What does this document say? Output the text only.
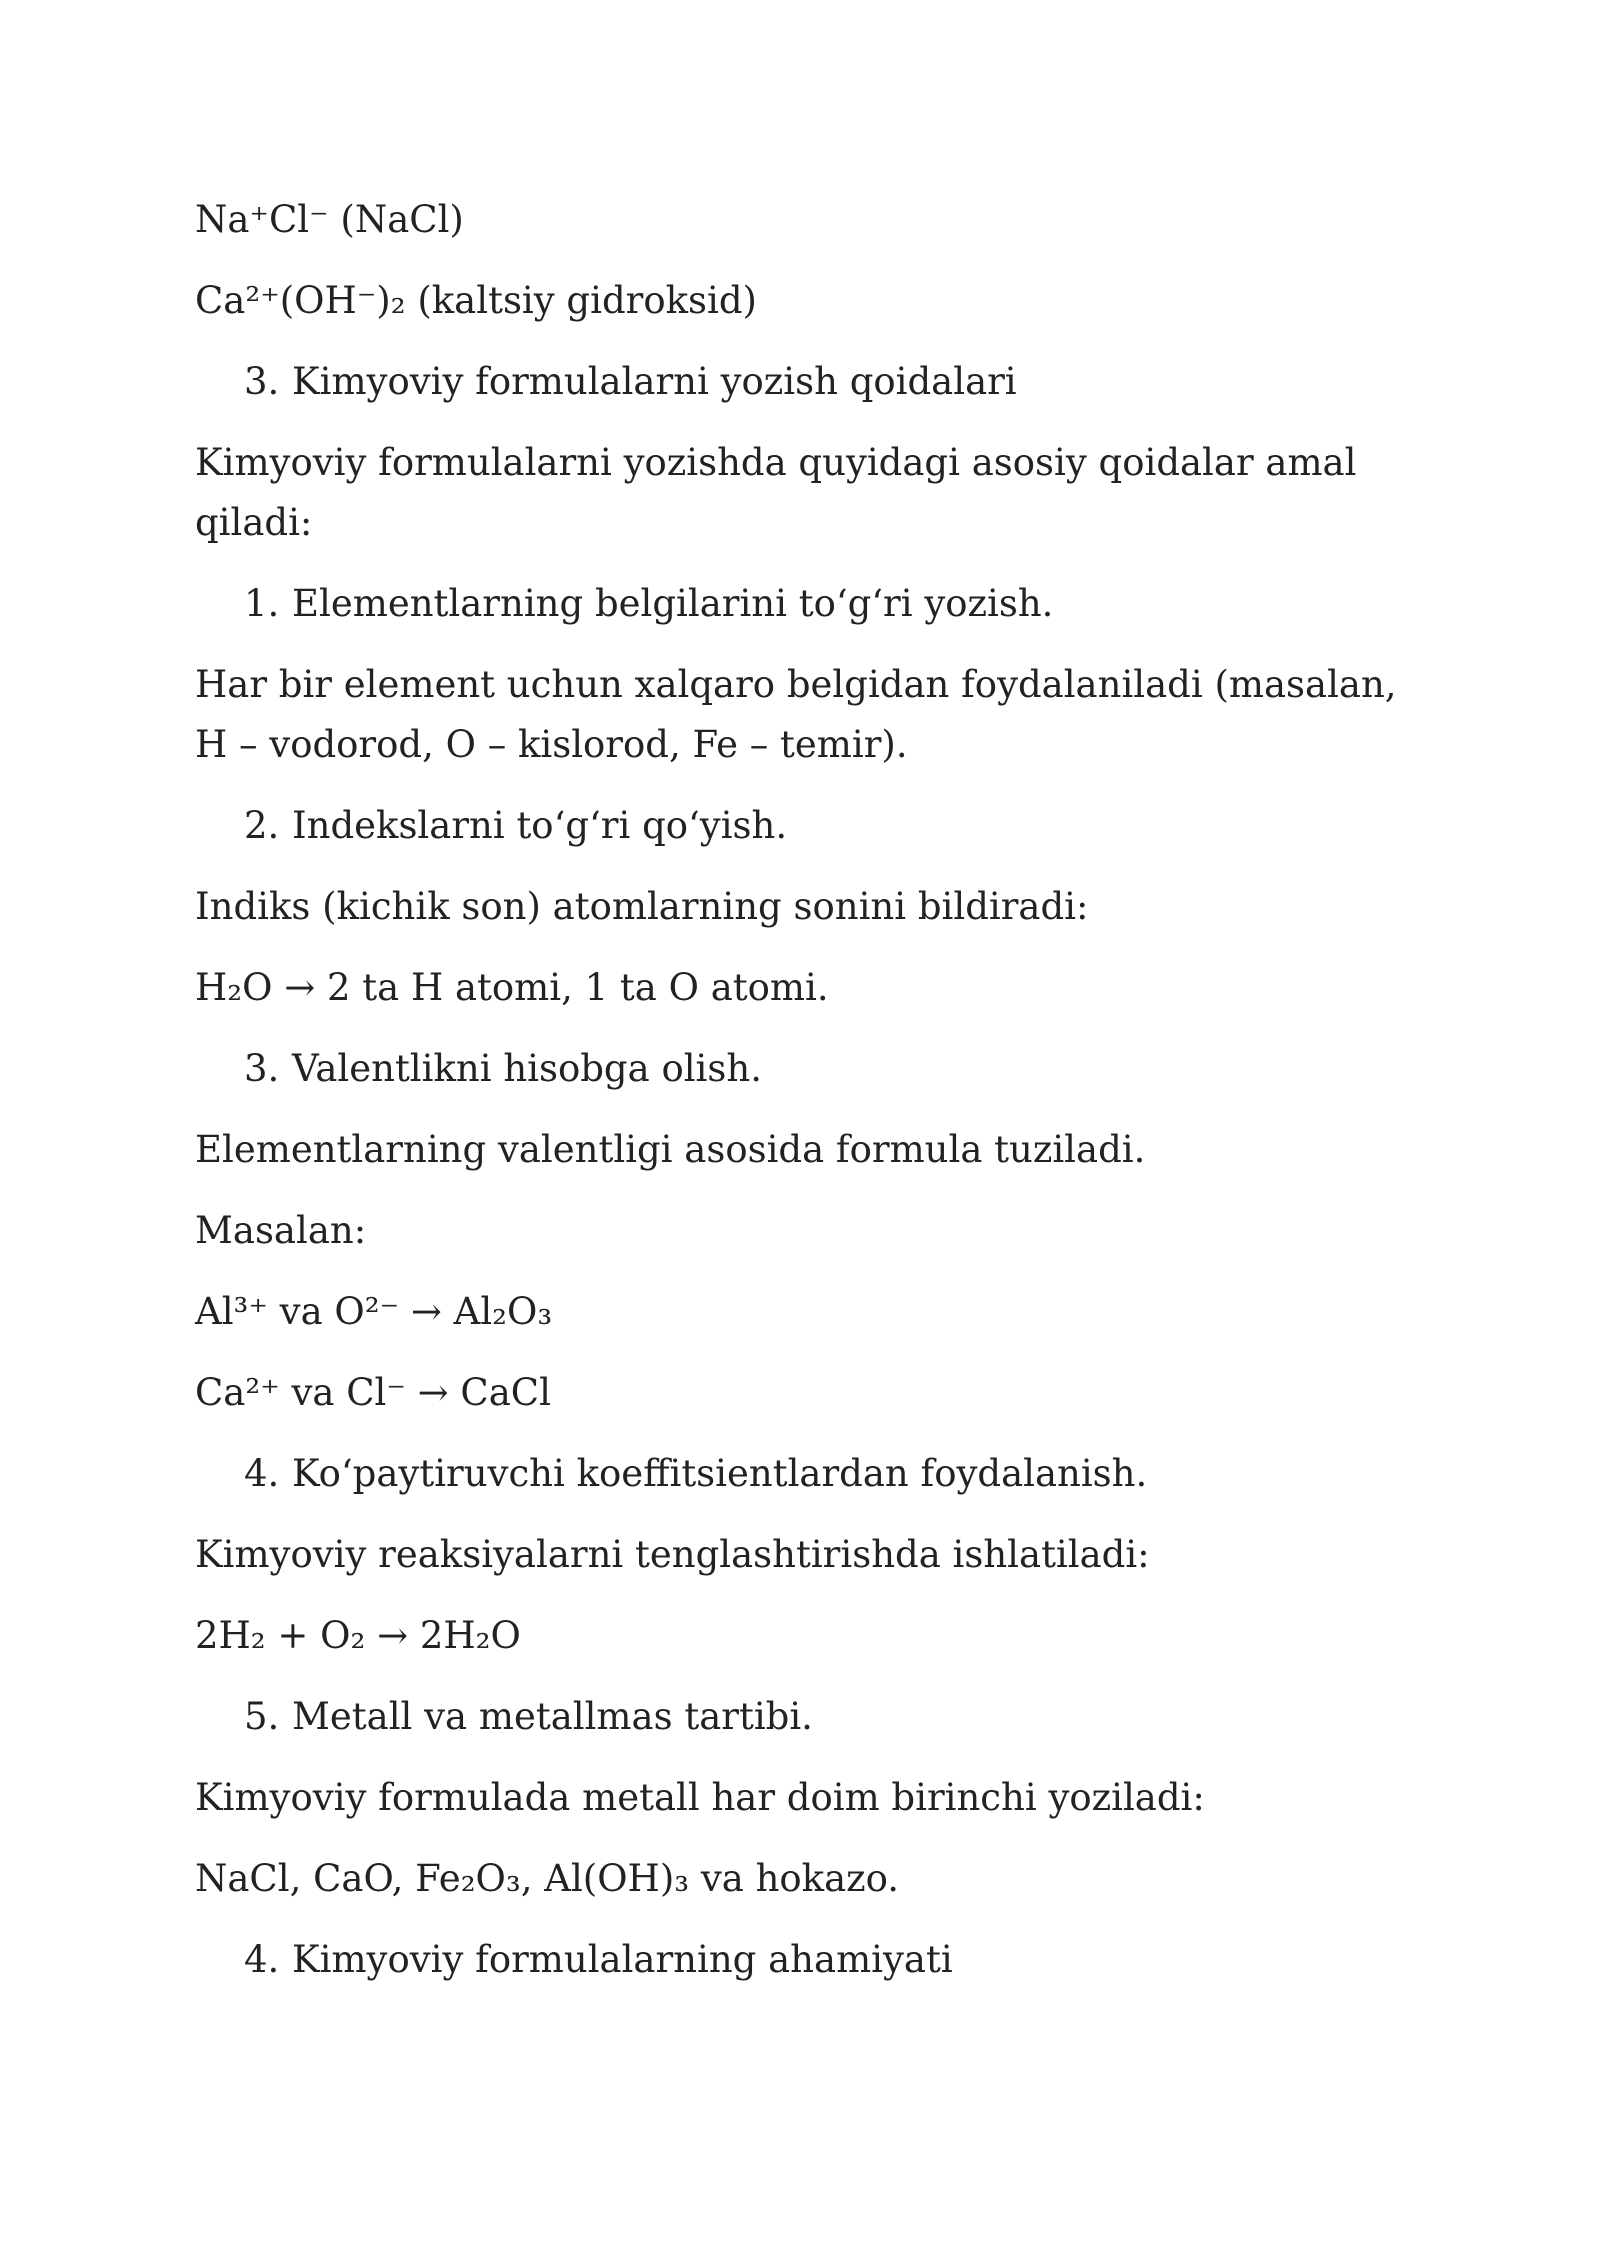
Na⁺Cl⁻ (NaCl)

Ca²⁺(OH⁻)₂ (kaltsiy gidroksid)

3. Kimyoviy formulalarni yozish qoidalari

Kimyoviy formulalarni yozishda quyidagi asosiy qoidalar amal qiladi:

1. Elementlarning belgilarini to‘g‘ri yozish.

Har bir element uchun xalqaro belgidan foydalaniladi (masalan, H – vodorod, O – kislorod, Fe – temir).

2. Indekslarni to‘g‘ri qo‘yish.

Indiks (kichik son) atomlarning sonini bildiradi:

H₂O → 2 ta H atomi, 1 ta O atomi.

3. Valentlikni hisobga olish.

Elementlarning valentligi asosida formula tuziladi.

Masalan:

Al³⁺ va O²⁻ → Al₂O₃

Ca²⁺ va Cl⁻ → CaCl

4. Ko‘paytiruvchi koeffitsientlardan foydalanish.

Kimyoviy reaksiyalarni tenglashtirishda ishlatiladi:

2H₂ + O₂ → 2H₂O

5. Metall va metallmas tartibi.

Kimyoviy formulada metall har doim birinchi yoziladi:

NaCl, CaO, Fe₂O₃, Al(OH)₃ va hokazo.

4. Kimyoviy formulalarning ahamiyati
